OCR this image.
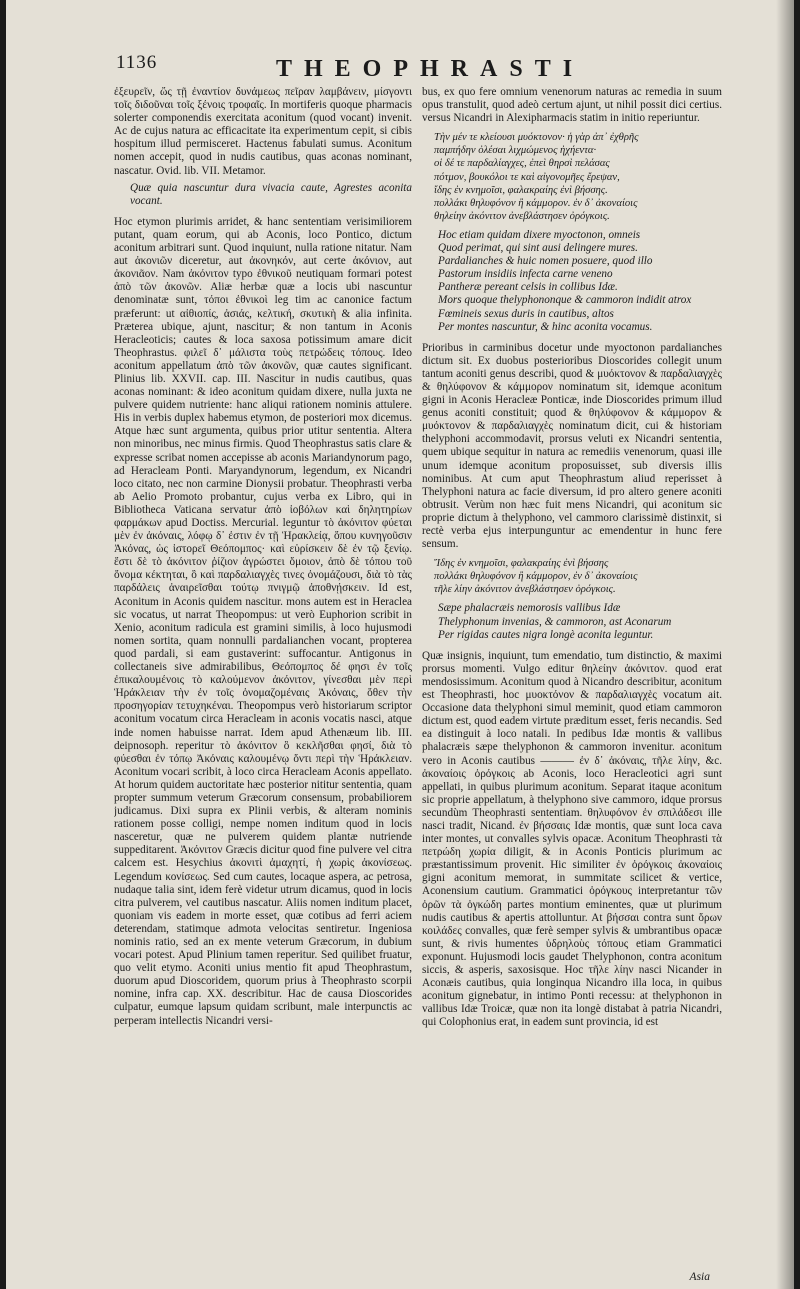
1136	THEOPHRASTI

ἐξευρεῖν, ὥς τῇ ἐναντίον δυνάμεως πεῖραν λαμβάνειν, μίσγοντι τοῖς διδοῦναι τοῖς ξένοις τροφαῖς. In mortiferis quoque pharmacis solerter componendis exercitata aconitum (quod vocant) invenit. Ac de cujus natura ac efficacitate ita experimentum cepit, si cibis hospitum illud permisceret. Hactenus fabulati sumus. Aconitum nomen accepit, quod in nudis cautibus, quas aconas nominant, nascatur. Ovid. lib. VII. Metamor.

Quæ quia nascuntur dura vivacia caute, Agrestes aconita vocant.

Hoc etymon plurimis arridet, & hanc sententiam verisimiliorem putant, quam eorum, qui ab Aconis, loco Pontico, dictum aconitum arbitrari sunt. Quod inquiunt, nulla ratione nitatur. Nam aut ἀκονιῶν diceretur, aut ἀκονηκόν, aut certe ἀκόνιον, aut ἀκονιᾶον. Nam ἀκόνιτον typo ἐθνικοῦ neutiquam formari potest ἀπὸ τῶν ἀκονῶν. Aliæ herbæ quæ a locis ubi nascuntur denominatæ sunt, τόποι ἐθνικοὶ leg tim ac canonice factum præferunt: ut αἰθιοπίς, ἀσιάς, κελτική, σκυτικὴ & alia infinita. Præterea ubique, ajunt, nascitur; & non tantum in Aconis Heracleoticis; cautes & loca saxosa potissimum amare dicit Theophrastus. φιλεῖ δ᾽ μάλιστα τοὺς πετρώδεις τόπους. Ideo aconitum appellatum ἀπὸ τῶν ἀκονῶν, quæ cautes significant. Plinius lib. XXVII. cap. III. Nascitur in nudis cautibus, quas aconas nominant: & ideo aconitum quidam dixere, nulla juxta ne pulvere quidem nutriente: hanc aliqui rationem nominis attulere. His in verbis duplex habemus etymon, de posteriori mox dicemus. Atque hæc sunt argumenta, quibus prior utitur sententia. Altera non minoribus, nec minus firmis. Quod Theophrastus satis clare & expresse scribat nomen accepisse ab aconis Mariandynorum pago, ad Heracleam Ponti. Maryandynorum, legendum, ex Nicandri loco citato, nec non carmine Dionysii probatur. Theophrasti verba ab Aelio Promoto probantur, cujus verba ex Libro, qui in Bibliotheca Vaticana servatur ἀπὸ ἰοβόλων καὶ δηλητηρίων φαρμάκων apud Doctiss. Mercurial. leguntur τὸ ἀκόνιτον φύεται μὲν ἐν ἀκόναις, λόφῳ δ᾽ ἐστιν ἐν τῇ Ἡρακλείᾳ, ὅπου κυνηγοῦσιν Ἀκόνας, ὡς ἱστορεῖ Θεόπομπος· καὶ εὑρίσκειν δὲ ἐν τῷ ξενίῳ. ἔστι δὲ τὸ ἀκόνιτον ῥίζιον ἀγρώστει ὅμοιον, ἀπὸ δὲ τόπου τοῦ ὄνομα κέκτηται, ὃ καὶ παρδαλιαγχὲς τινες ὀνομάζουσι, διὰ τὸ τὰς παρδάλεις ἀναιρεῖσθαι τούτῳ πνιγμῷ ἀποθνῄσκειν. Id est, Aconitum in Aconis quidem nascitur. mons autem est in Heraclea sic vocatus, ut narrat Theopompus: ut verò Euphorion scribit in Xenio, aconitum radicula est gramini similis, à loco hujusmodi nomen sortita, quam nonnulli pardalianchen vocant, propterea quod pardali, si eam gustaverint: suffocantur. Antigonus in collectaneis sive admirabilibus, Θεόπομπος δέ φησι ἐν τοῖς ἐπικαλουμένοις τὸ καλούμενον ἀκόνιτον, γίνεσθαι μὲν περὶ Ἡράκλειαν τὴν ἐν τοῖς ὀνομαζομέναις Ἀκόναις, ὅθεν τὴν προσηγορίαν τετυχηκέναι. Theopompus verò historiarum scriptor aconitum vocatum circa Heracleam in aconis vocatis nasci, atque inde nomen habuisse narrat. Idem apud Athenæum lib. III. deipnosoph. reperitur τὸ ἀκόνιτον ὃ κεκλῆσθαι φησί, διὰ τὸ φύεσθαι ἐν τόπῳ Ἀκόναις καλουμένῳ ὄντι περὶ τὴν Ἡράκλειαν. Aconitum vocari scribit, à loco circa Heracleam Aconis appellato. At horum quidem auctoritate hæc posterior nititur sententia, quam propter summum veterum Græcorum consensum, probabiliorem judicamus. Dixi supra ex Plinii verbis, & alteram nominis rationem posse colligi, nempe nomen inditum quod in locis nasceretur, quæ ne pulverem quidem plantæ nutriende suppeditarent. Ἀκόνιτον Græcis dicitur quod fine pulvere vel citra calcem est. Hesychius ἀκονιτὶ ἀμαχητί, ἡ χωρὶς ἀκονίσεως. Legendum κονίσεως. Sed cum cautes, locaque aspera, ac petrosa, nudaque talia sint, idem ferè videtur utrum dicamus, quod in locis citra pulverem, vel cautibus nascatur. Aliis nomen inditum placet, quoniam vis eadem in morte esset, quæ cotibus ad ferri aciem deterendam, statimque admota velocitas sentiretur. Ingeniosa nominis ratio, sed an ex mente veterum Græcorum, in dubium vocari potest. Apud Plinium tamen reperitur. Sed quilibet fruatur, quo velit etymo. Aconiti unius mentio fit apud Theophrastum, duorum apud Dioscoridem, quorum prius à Theophrasto scorpii nomine, infra cap. XX. describitur. Hac de causa Dioscorides culpatur, eumque lapsum quidam scribunt, male interpunctis ac perperam intellectis Nicandri versi-

bus, ex quo fere omnium venenorum naturas ac remedia in suum opus transtulit, quod adeò certum ajunt, ut nihil possit dici certius. versus Nicandri in Alexipharmacis statim in initio reperiuntur.

Τὴν μέν τε κλείουσι μυόκτονον· ἡ γὰρ ἀπ᾽ ἐχθρῆς
παμπήδην ὀλέσαι λιχμώμενος ἠχήεντα·
οἱ δέ τε παρδαλίαγχες, ἐπεὶ θηρσὶ πελάσας
πότμον, βουκόλοι τε καὶ αἰγονομῆες ἔρεψαν,
ἴδης ἐν κνημοῖσι, φαλακραίης ἐνὶ βήσσης.
πολλάκι θηλυφόνον ἢ κάμμορον. ἐν δ᾽ ἀκοναίοις
θηλείην ἀκόνιτον ἀνεβλάστησεν ὀρόγκοις.
Hoc etiam quidam dixere myoctonon, omneis
Quod perimat, qui sint ausi delingere mures.
Pardalianches & huic nomen posuere, quod illo
Pastorum insidiis infecta carne veneno
Pantheræ pereant celsis in collibus Idæ.
Mors quoque thelyphononque & cammoron indidit atrox
Fœmineis sexus duris in cautibus, altos
Per montes nascuntur, & hinc aconita vocamus.

Prioribus in carminibus docetur unde myoctonon pardalianches dictum sit. Ex duobus posterioribus Dioscorides collegit unum tantum aconiti genus describi, quod & μυόκτονον & παρδαλιαγχὲς & θηλύφονον & κάμμορον nominatum sit, idemque aconitum gigni in Aconis Heracleæ Ponticæ, inde Dioscorides primum illud genus aconiti constituit; quod & θηλύφονον & κάμμορον & μυόκτονον & παρδαλιαγχὲς nominatum dicit, cui & historiam thelyphoni accommodavit, prorsus veluti ex Nicandri sententia, quem ubique sequitur in natura ac remediis venenorum, quasi ille unum idemque aconitum proposuisset, sub diversis illis nominibus. At cum aput Theophrastum aliud reperisset à Thelyphoni natura ac facie diversum, id pro altero genere aconiti obtrusit. Verùm non hæc fuit mens Nicandri, qui aconitum sic proprie dictum à thelyphono, vel cammoro clarissimè distinxit, si rectè verba ejus interpunguntur ac emendentur in hunc fere sensum.

Ἴδης ἐν κνημοῖσι, φαλακραίης ἐνὶ βήσσης
πολλάκι θηλυφόνον ἢ κάμμορον, ἐν δ᾽ ἀκοναίοις
τῆλε λίην ἀκόνιτον ἀνεβλάστησεν ὀρόγκοις.
Sæpe phalacræis nemorosis vallibus Idæ
Thelyphonum invenias, & cammoron, ast Aconarum
Per rigidas cautes nigra longè aconita leguntur.

Quæ insignis, inquiunt, tum emendatio, tum distinctio, & maximi prorsus momenti. Vulgo editur θηλείην ἀκόνιτον. quod erat mendosissimum. Aconitum quod à Nicandro describitur, aconitum est Theophrasti, hoc μυοκτόνον & παρδαλιαγχὲς vocatum ait. Occasione data thelyphoni simul meminit, quod etiam cammoron dictum est, quod eadem virtute præditum esset, feris necandis. Sed ea distinguit à loco natali. In pedibus Idæ montis & vallibus phalacræis sæpe thelyphonon & cammoron invenitur. aconitum vero in Aconis cautibus ——— ἐν δ᾽ ἀκόναις, τῆλε λίην, &c. ἀκοναίοις ὀρόγκοις ab Aconis, loco Heracleotici agri sunt appellati, in quibus plurimum aconitum. Separat itaque aconitum sic proprie appellatum, à thelyphono sive cammoro, idque prorsus secundùm Theophrasti sententiam. θηλυφόνον ἐν σπιλάδεσι ille nasci tradit, Nicand. ἐν βήσσαις Idæ montis, quæ sunt loca cava inter montes, ut convalles sylvis opacæ. Aconitum Theophrasti τὰ πετρώδη χωρία diligit, & in Aconis Ponticis plurimum ac præstantissimum provenit. Hic similiter ἐν ὀρόγκοις ἀκοναίοις gigni aconitum memorat, in summitate scilicet & vertice, Aconensium cautium. Grammatici ὀρόγκους interpretantur τῶν ὀρῶν τὰ ὀγκώδη partes montium eminentes, quæ ut plurimum nudis cautibus & apertis attolluntur. At βήσσαι contra sunt ὄρων κοιλάδες convalles, quæ ferè semper sylvis & umbrantibus opacæ sunt, & rivis humentes ὑδρηλοὺς τόπους etiam Grammatici exponunt. Hujusmodi locis gaudet Thelyphonon, contra aconitum siccis, & asperis, saxosisque. Hoc τῆλε λίην nasci Nicander in Aconæis cautibus, quia longinqua Nicandro illa loca, in quibus aconitum gignebatur, in intimo Ponti recessu: at thelyphonon in vallibus Idæ Troicæ, quæ non ita longè distabat à patria Nicandri, qui Colophonius erat, in eadem sunt provincia, id est

Asia
